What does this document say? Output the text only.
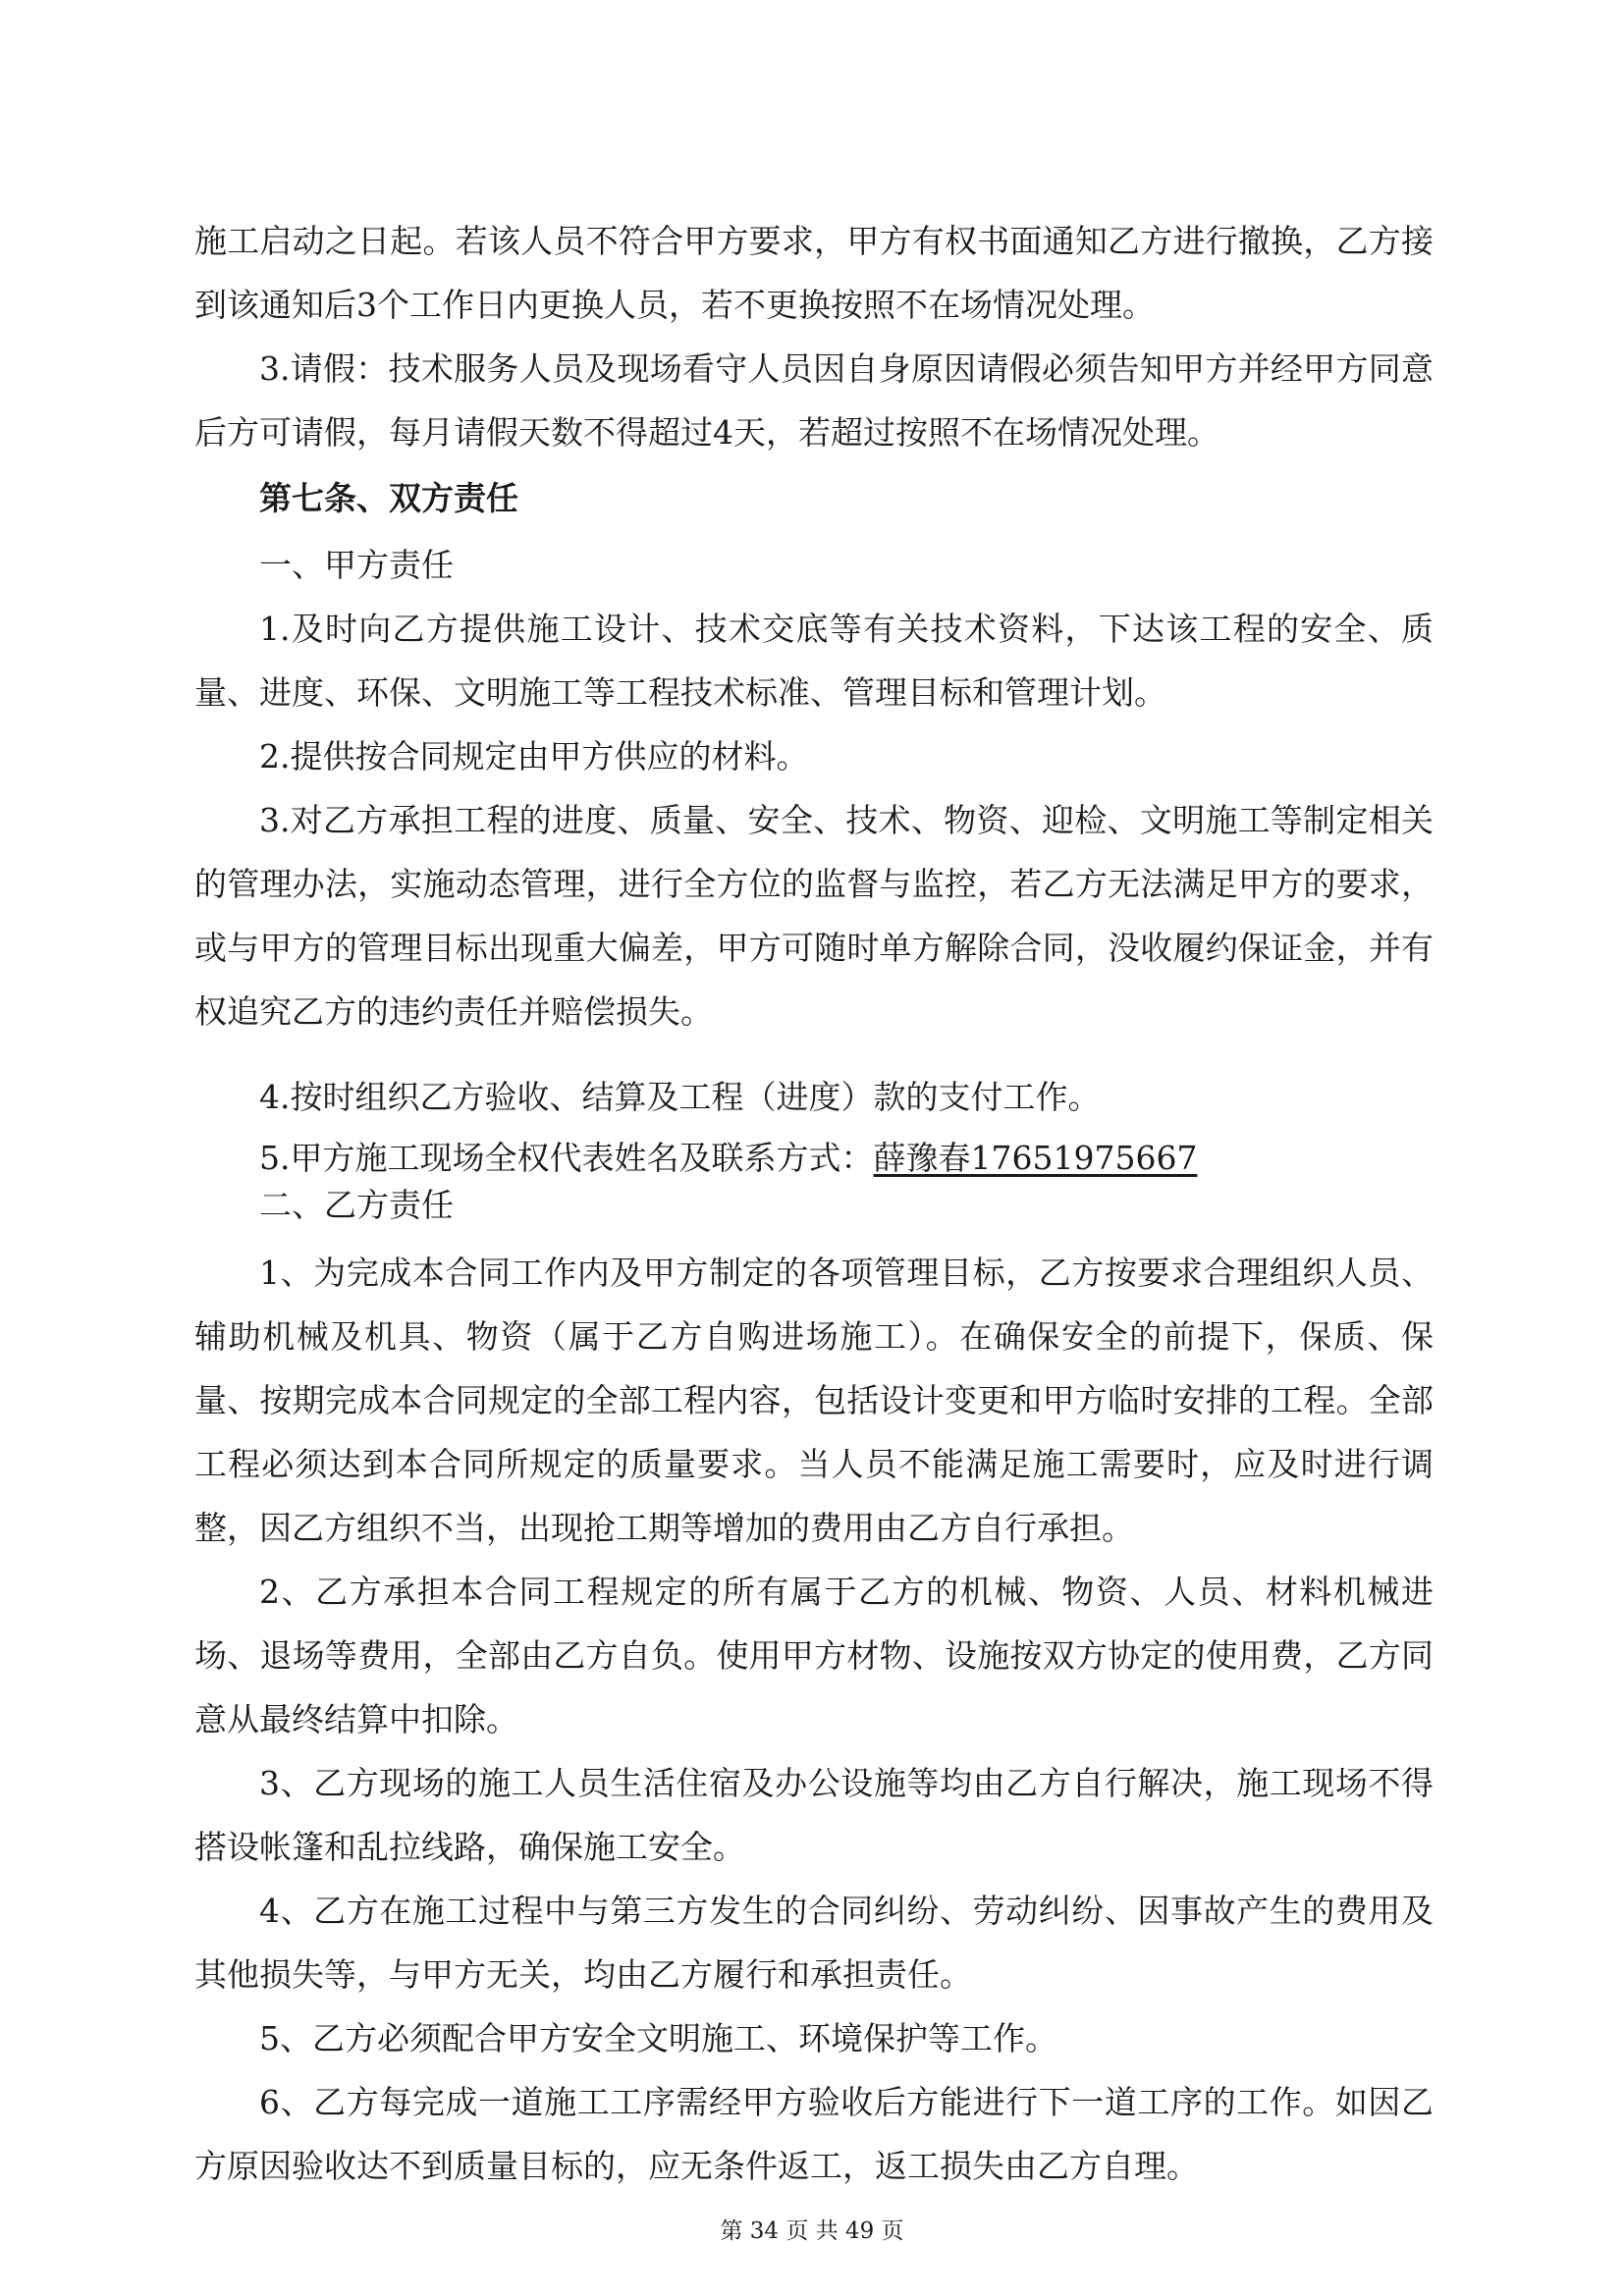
施工启动之日起。若该人员不符合甲方要求，甲方有权书面通知乙方进行撤换，乙方接

到该通知后3个工作日内更换人员，若不更换按照不在场情况处理。

3.请假：技术服务人员及现场看守人员因自身原因请假必须告知甲方并经甲方同意

后方可请假，每月请假天数不得超过4天，若超过按照不在场情况处理。

第七条、双方责任

一、甲方责任

1.及时向乙方提供施工设计、技术交底等有关技术资料，下达该工程的安全、质

量、进度、环保、文明施工等工程技术标准、管理目标和管理计划。

2.提供按合同规定由甲方供应的材料。

3.对乙方承担工程的进度、质量、安全、技术、物资、迎检、文明施工等制定相关

的管理办法，实施动态管理，进行全方位的监督与监控，若乙方无法满足甲方的要求，

或与甲方的管理目标出现重大偏差，甲方可随时单方解除合同，没收履约保证金，并有

权追究乙方的违约责任并赔偿损失。

4.按时组织乙方验收、结算及工程（进度）款的支付工作。

5.甲方施工现场全权代表姓名及联系方式：薛豫春17651975667

二、乙方责任

1、为完成本合同工作内及甲方制定的各项管理目标，乙方按要求合理组织人员、

辅助机械及机具、物资（属于乙方自购进场施工）。在确保安全的前提下，保质、保

量、按期完成本合同规定的全部工程内容，包括设计变更和甲方临时安排的工程。全部

工程必须达到本合同所规定的质量要求。当人员不能满足施工需要时，应及时进行调

整，因乙方组织不当，出现抢工期等增加的费用由乙方自行承担。

2、乙方承担本合同工程规定的所有属于乙方的机械、物资、人员、材料机械进

场、退场等费用，全部由乙方自负。使用甲方材物、设施按双方协定的使用费，乙方同

意从最终结算中扣除。

3、乙方现场的施工人员生活住宿及办公设施等均由乙方自行解决，施工现场不得

搭设帐篷和乱拉线路，确保施工安全。

4、乙方在施工过程中与第三方发生的合同纠纷、劳动纠纷、因事故产生的费用及

其他损失等，与甲方无关，均由乙方履行和承担责任。

5、乙方必须配合甲方安全文明施工、环境保护等工作。

6、乙方每完成一道施工工序需经甲方验收后方能进行下一道工序的工作。如因乙

方原因验收达不到质量目标的，应无条件返工，返工损失由乙方自理。

第 34 页 共 49 页
